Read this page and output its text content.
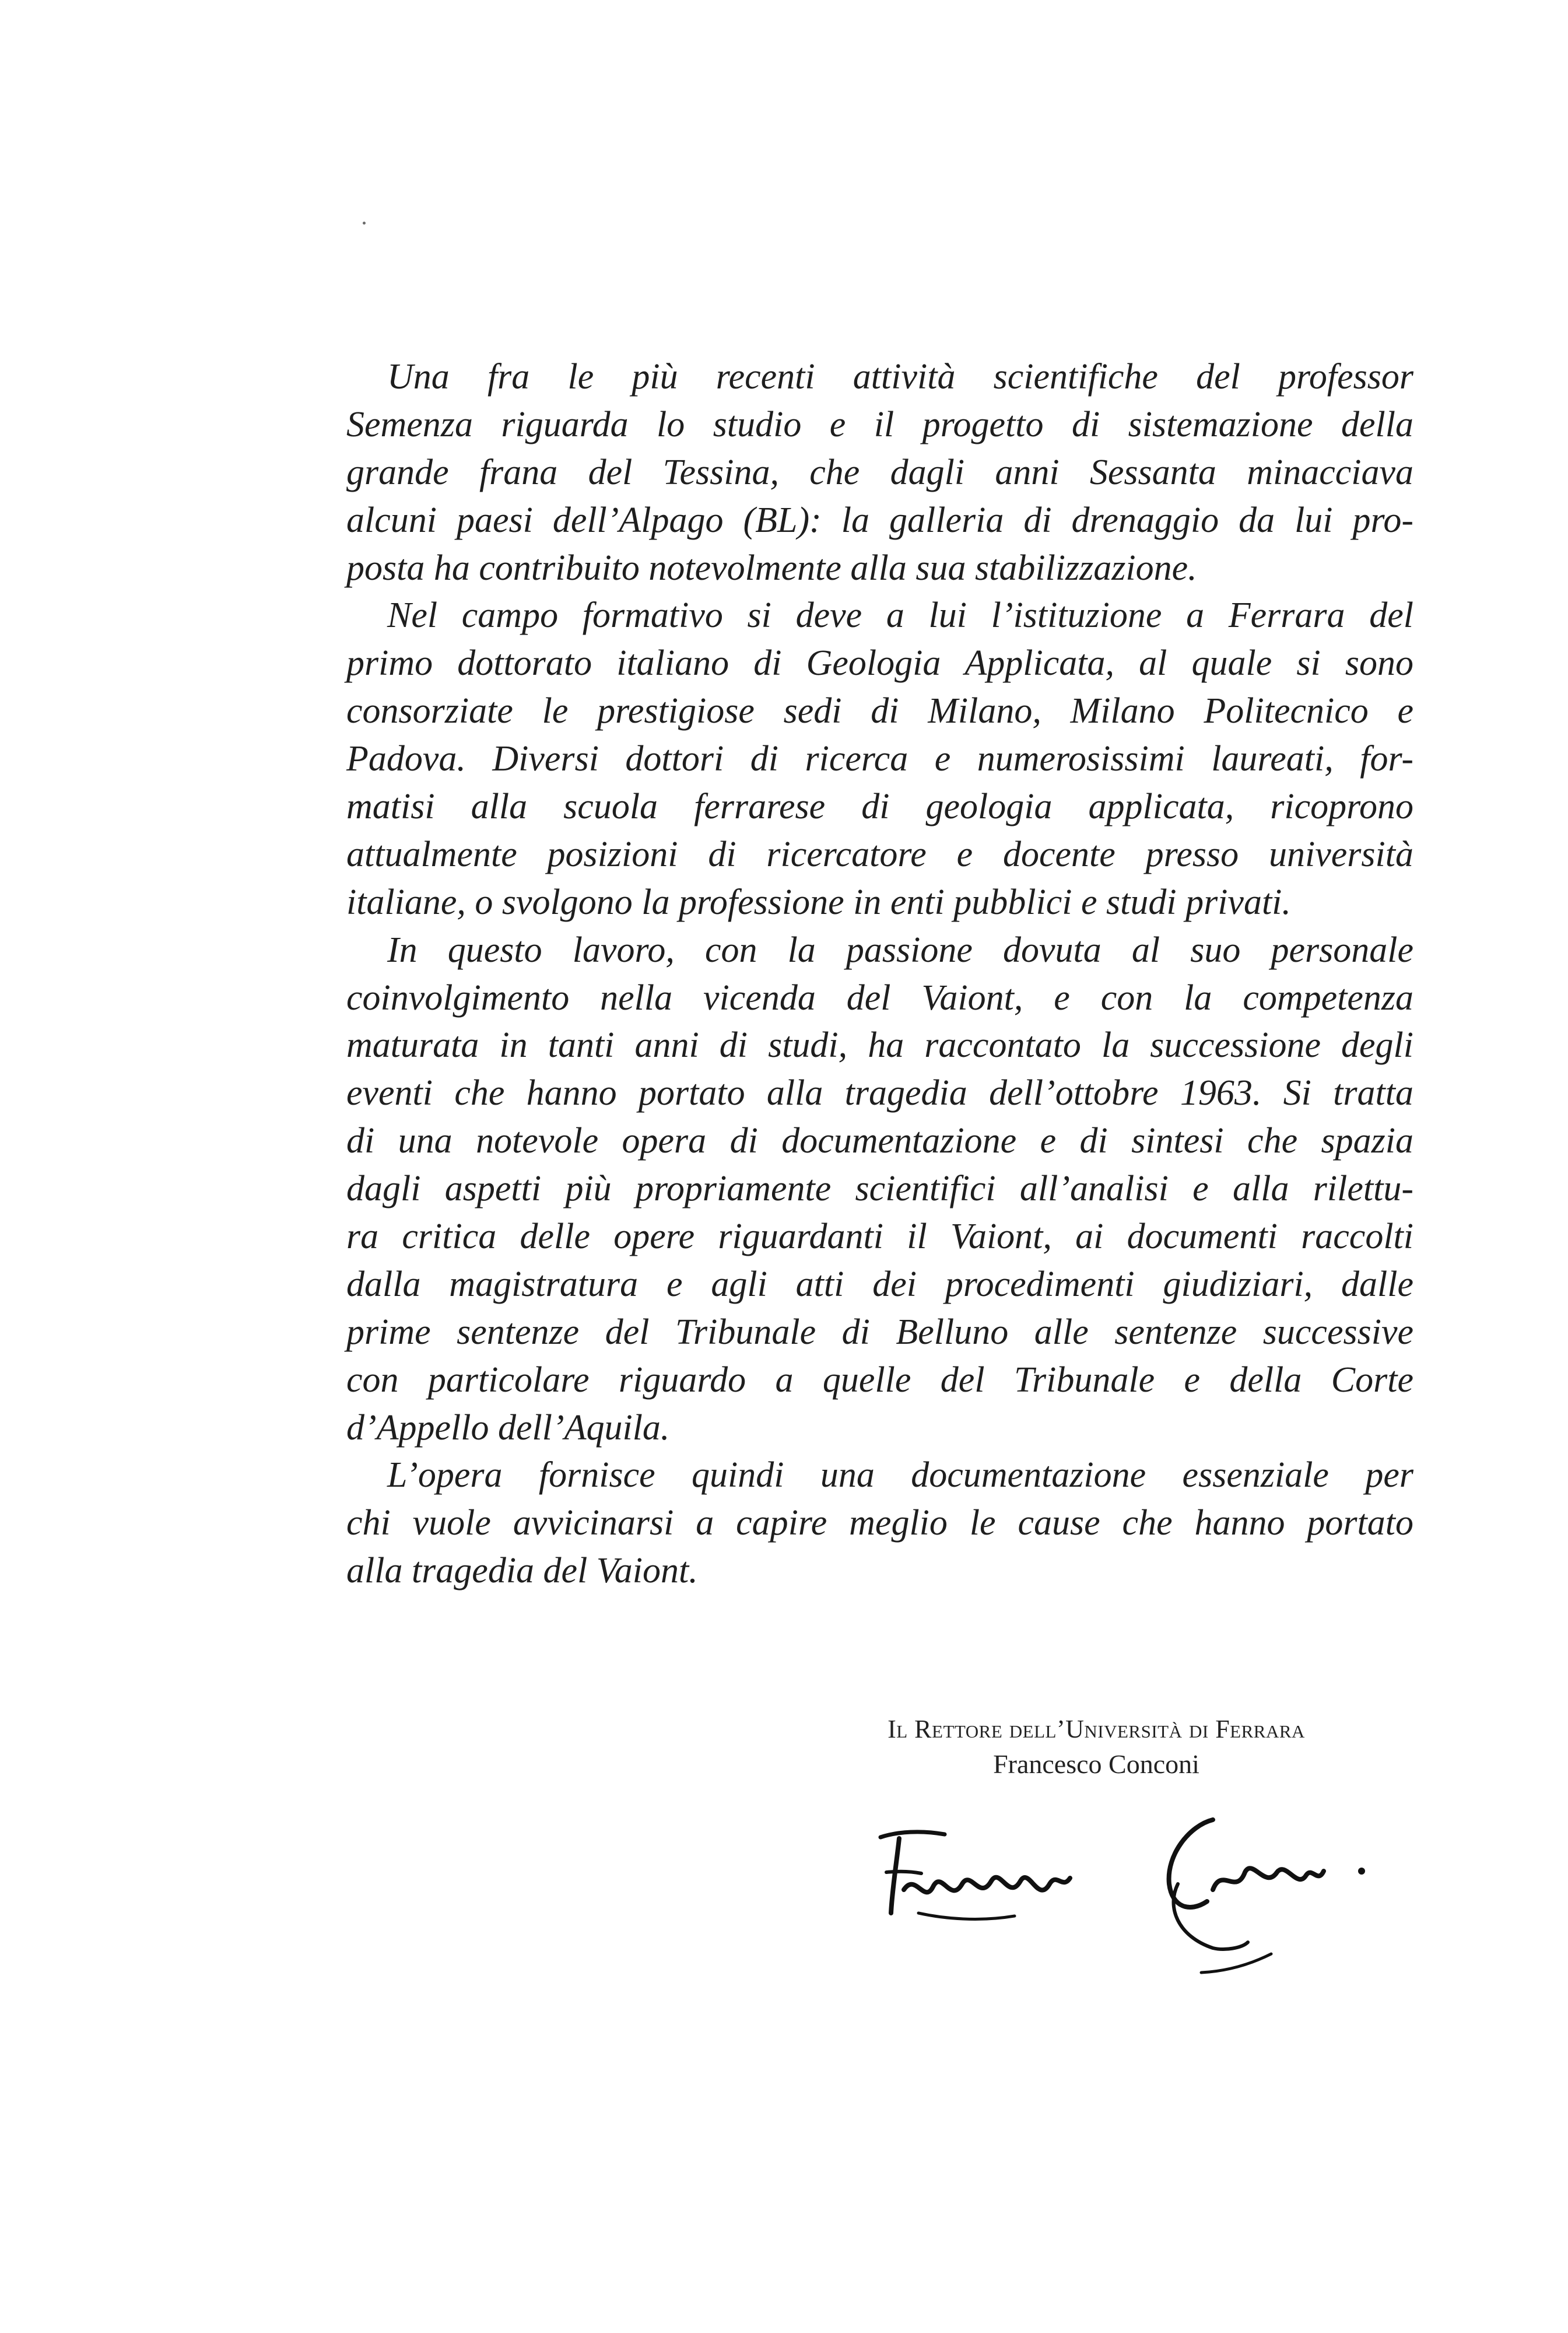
Una fra le più recenti attività scientifiche del professor
Semenza riguarda lo studio e il progetto di sistemazione della
grande frana del Tessina, che dagli anni Sessanta minacciava
alcuni paesi dell’Alpago (BL): la galleria di drenaggio da lui pro-
posta ha contribuito notevolmente alla sua stabilizzazione.
Nel campo formativo si deve a lui l’istituzione a Ferrara del
primo dottorato italiano di Geologia Applicata, al quale si sono
consorziate le prestigiose sedi di Milano, Milano Politecnico e
Padova. Diversi dottori di ricerca e numerosissimi laureati, for-
matisi alla scuola ferrarese di geologia applicata, ricoprono
attualmente posizioni di ricercatore e docente presso università
italiane, o svolgono la professione in enti pubblici e studi privati.
In questo lavoro, con la passione dovuta al suo personale
coinvolgimento nella vicenda del Vaiont, e con la competenza
maturata in tanti anni di studi, ha raccontato la successione degli
eventi che hanno portato alla tragedia dell’ottobre 1963. Si tratta
di una notevole opera di documentazione e di sintesi che spazia
dagli aspetti più propriamente scientifici all’analisi e alla rilettu-
ra critica delle opere riguardanti il Vaiont, ai documenti raccolti
dalla magistratura e agli atti dei procedimenti giudiziari, dalle
prime sentenze del Tribunale di Belluno alle sentenze successive
con particolare riguardo a quelle del Tribunale e della Corte
d’Appello dell’Aquila.
L’opera fornisce quindi una documentazione essenziale per
chi vuole avvicinarsi a capire meglio le cause che hanno portato
alla tragedia del Vaiont.
Il Rettore dell’Università di Ferrara
Francesco Conconi
